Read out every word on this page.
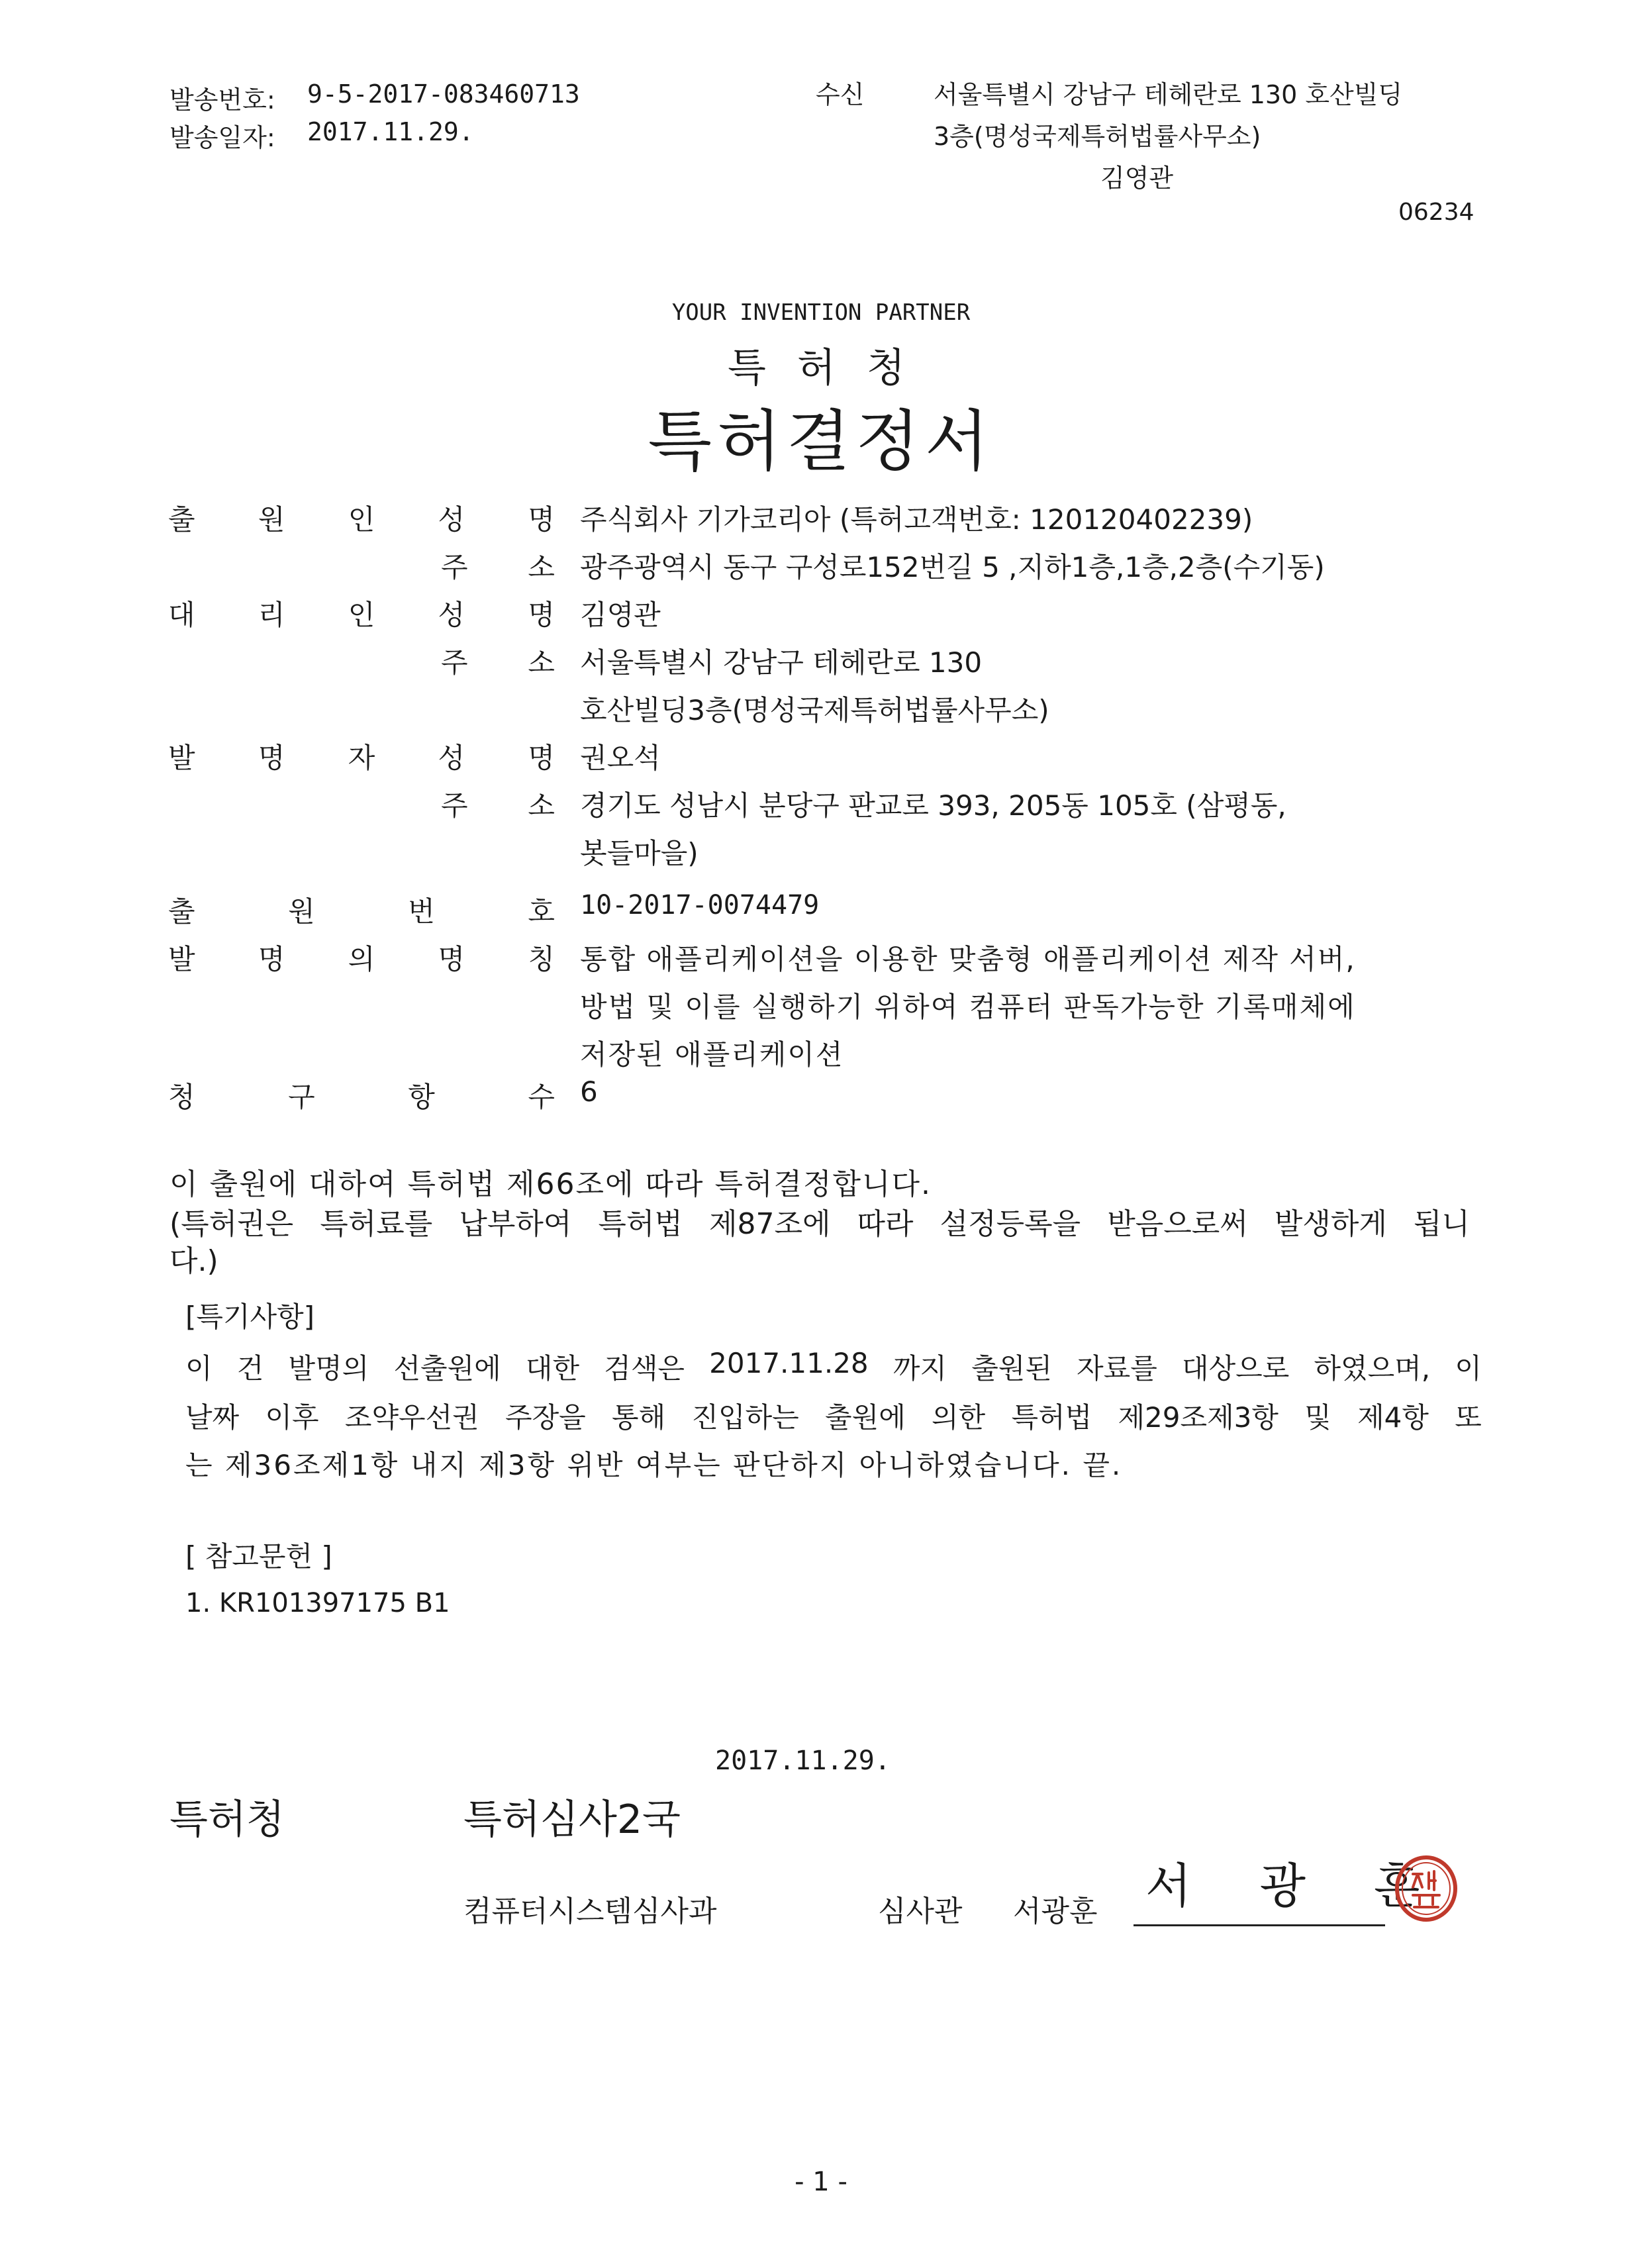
발송번호: 9-5-2017-083460713
발송일자: 2017.11.29.
수신	서울특별시 강남구 테헤란로 130 호산빌딩
3층(명성국제특허법률사무소)
김영관
06234
YOUR INVENTION PARTNER
특 허 청
특허결정서
출 원 인 성 명 주식회사 기가코리아 (특허고객번호: 120120402239)
주 소 광주광역시 동구 구성로152번길 5 ,지하1층,1층,2층(수기동)
대 리 인 성 명 김영관
주 소 서울특별시 강남구 테헤란로 130
호산빌딩3층(명성국제특허법률사무소)
발 명 자 성 명 권오석
주 소 경기도 성남시 분당구 판교로 393, 205동 105호 (삼평동,
봇들마을)
출	원	번	호 10-2017-0074479
발 명 의 명 칭 통합 애플리케이션을 이용한 맞춤형 애플리케이션 제작 서버,
방법 및 이를 실행하기 위하여 컴퓨터 판독가능한 기록매체에
저장된 애플리케이션
청	구	항	수 6
이 출원에 대하여 특허법 제66조에 따라 특허결정합니다.
(특허권은 특허료를 납부하여 특허법 제87조에 따라 설정등록을 받음으로써 발생하게 됩니
다.)
[특기사항]
이 건 발명의 선출원에 대한 검색은 2017.11.28 까지 출원된 자료를 대상으로 하였으며, 이
날짜 이후 조약우선권 주장을 통해 진입하는 출원에 의한 특허법 제29조제3항 및 제4항 또
는 제36조제1항 내지 제3항 위반 여부는 판단하지 아니하였습니다. 끝.
[ 참고문헌 ]
1. KR101397175 B1
2017.11.29.
특허청	특허심사2국
컴퓨터시스템심사과	심사관 서광훈 서 광 훈
- 1 -
